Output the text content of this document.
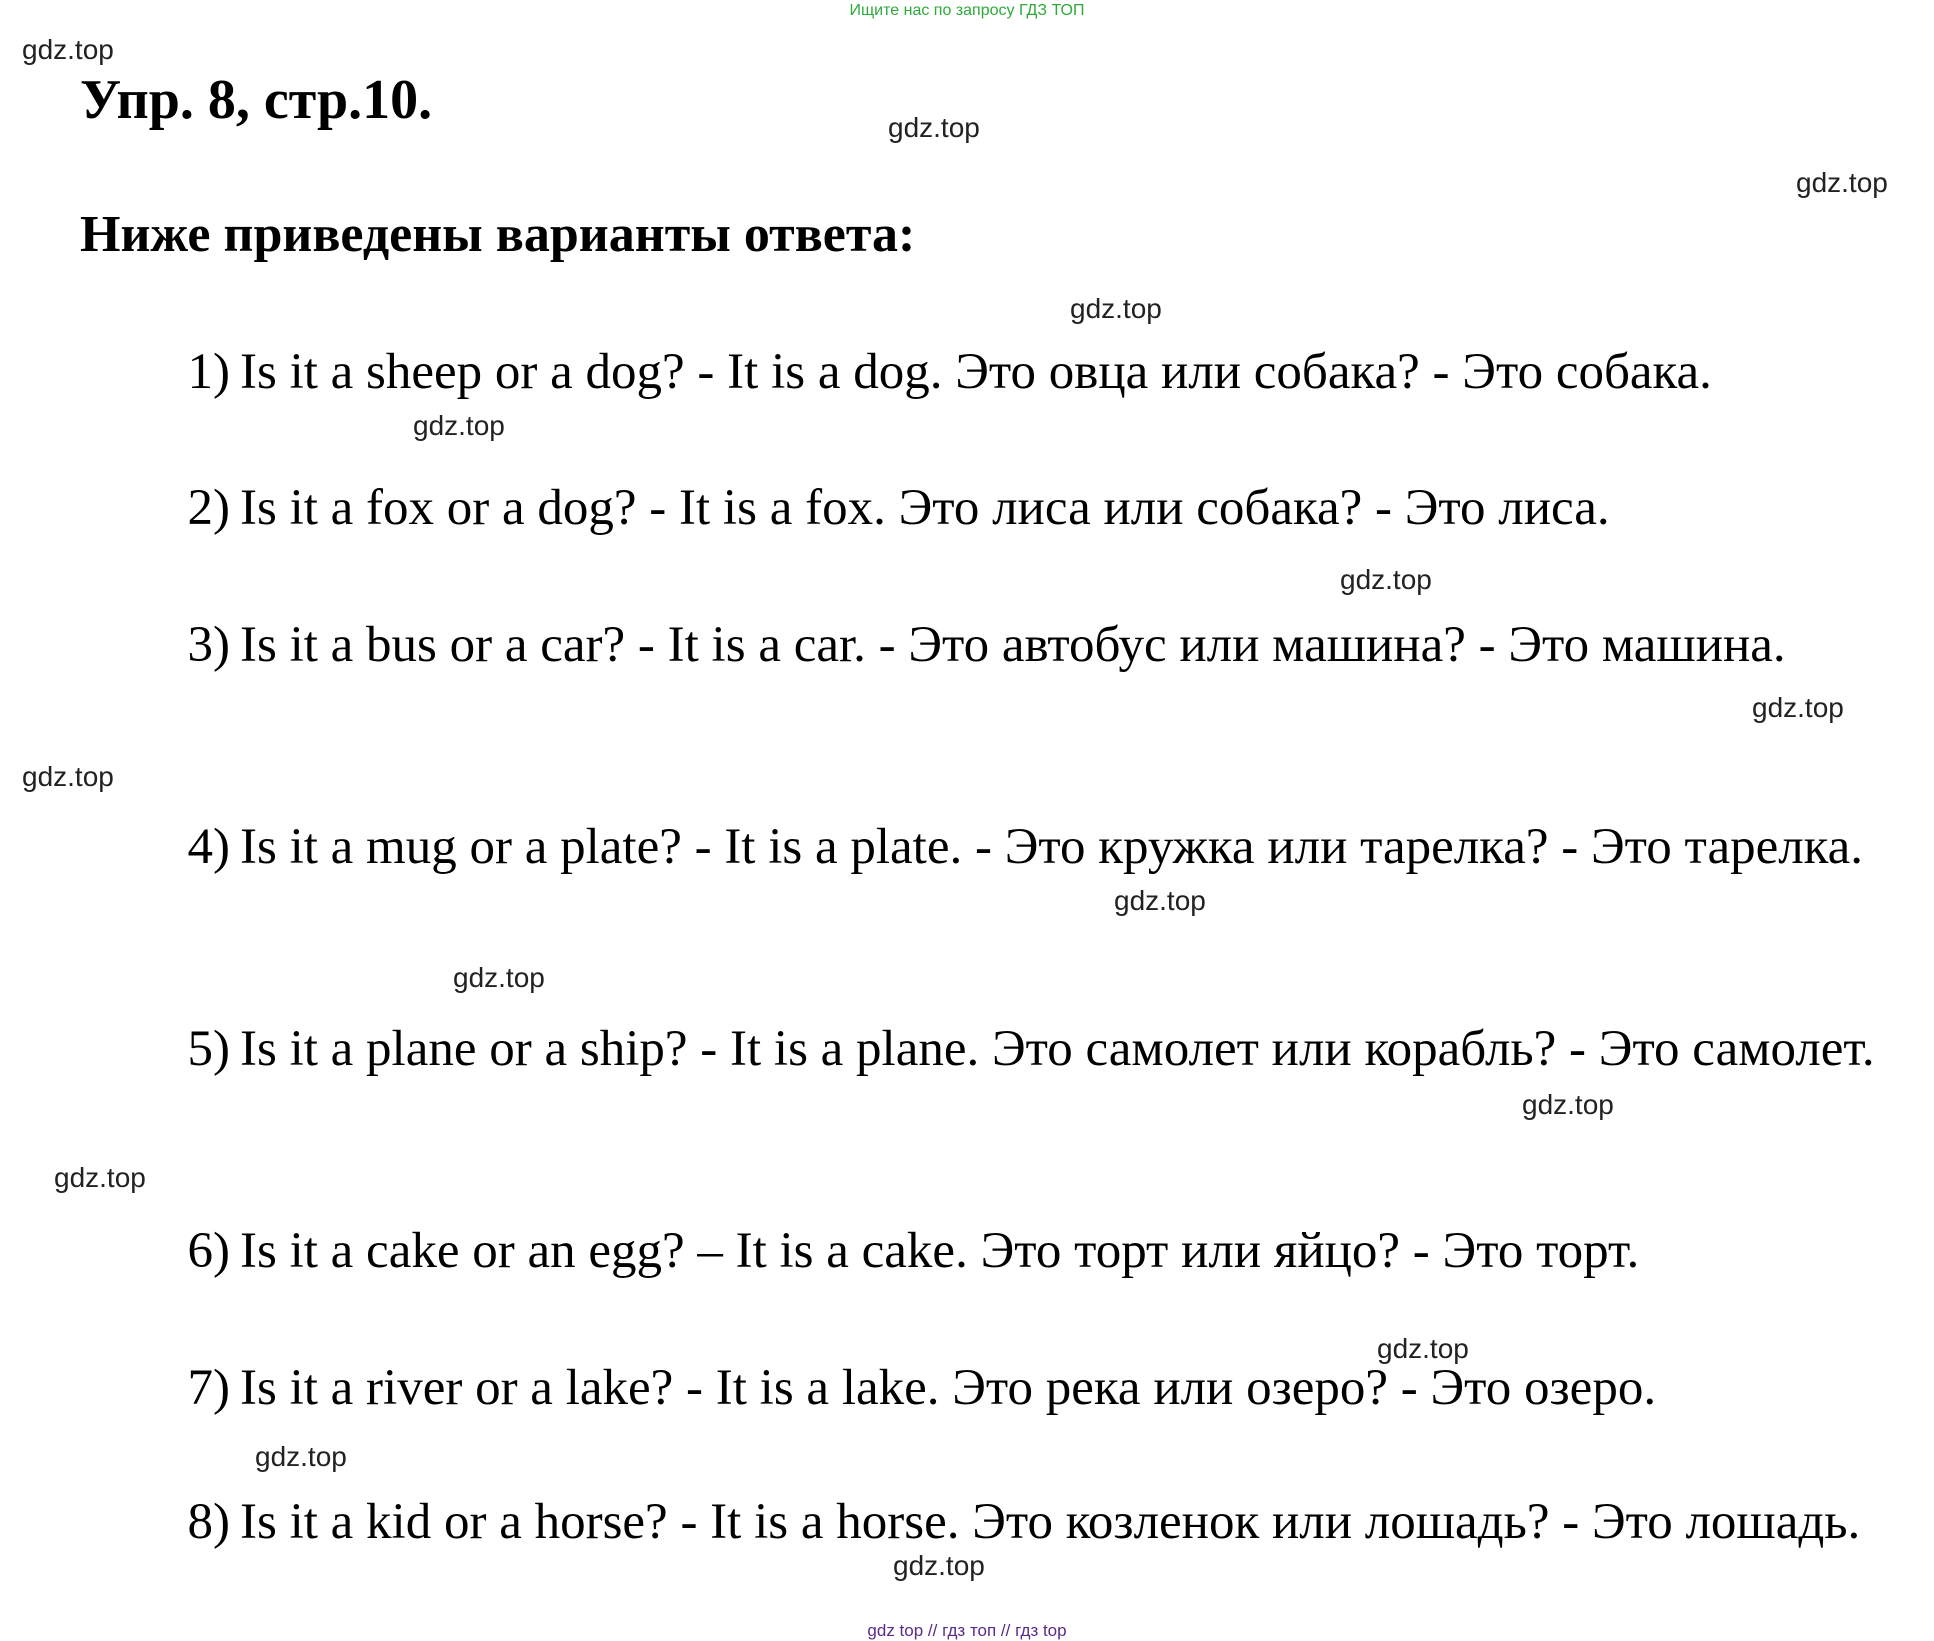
Ищите нас по запросу ГДЗ ТОП
Упр. 8, стр.10.
Ниже приведены варианты ответа:
1) Is it a sheep or a dog? - It is a dog. Это овца или собака? - Это собака.
2) Is it a fox or a dog? - It is a fox. Это лиса или собака? - Это лиса.
3) Is it a bus or a car? - It is a car. - Это автобус или машина? - Это машина.
4) Is it a mug or a plate? - It is a plate. - Это кружка или тарелка? - Это тарелка.
5) Is it a plane or a ship? - It is a plane. Это самолет или корабль? - Это самолет.
6) Is it a cake or an egg? – It is a cake. Это торт или яйцо? - Это торт.
7) Is it a river or a lake? - It is a lake. Это река или озеро? - Это озеро.
8) Is it a kid or a horse? - It is a horse. Это козленок или лошадь? - Это лошадь.
gdz.top
gdz.top
gdz.top
gdz.top
gdz.top
gdz.top
gdz.top
gdz.top
gdz.top
gdz.top
gdz.top
gdz.top
gdz.top
gdz.top
gdz.top
gdz top // гдз топ // гдз top
